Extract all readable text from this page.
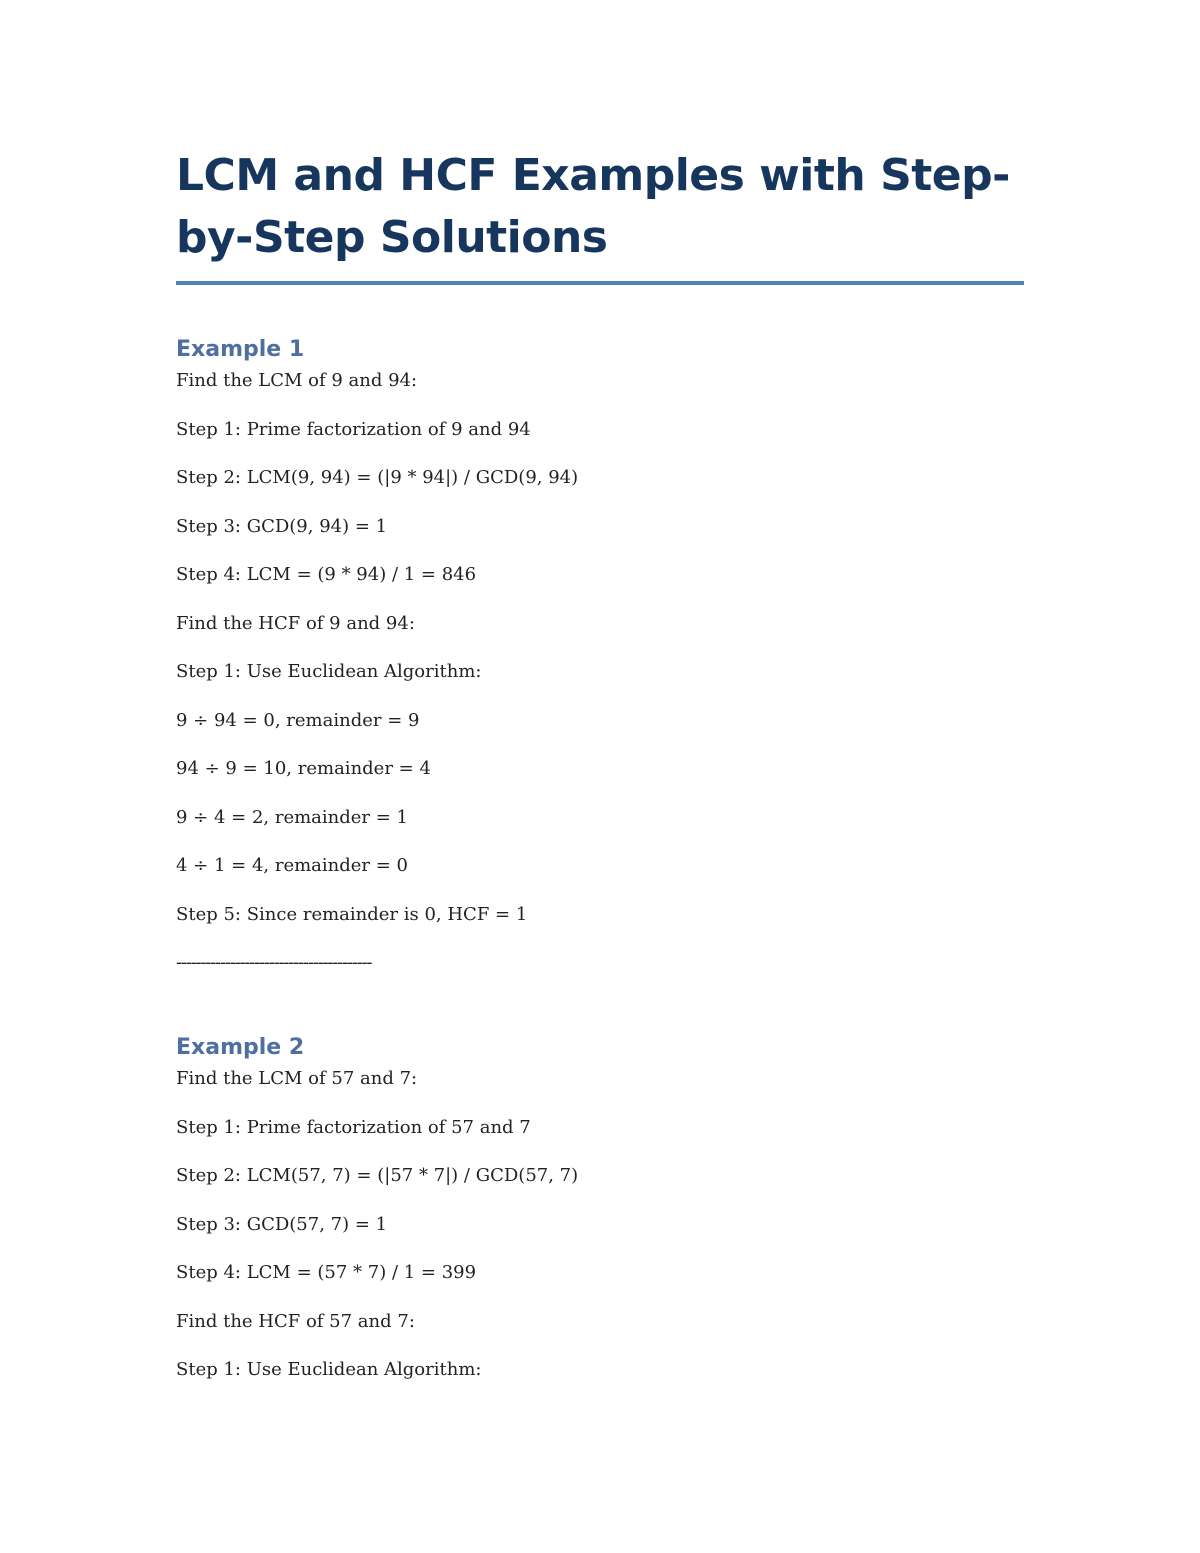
LCM and HCF Examples with Step-by-Step Solutions
Example 1

Find the LCM of 9 and 94:

Step 1: Prime factorization of 9 and 94

Step 2: LCM(9, 94) = (|9 * 94|) / GCD(9, 94)

Step 3: GCD(9, 94) = 1

Step 4: LCM = (9 * 94) / 1 = 846

Find the HCF of 9 and 94:

Step 1: Use Euclidean Algorithm:

9 ÷ 94 = 0, remainder = 9

94 ÷ 9 = 10, remainder = 4

9 ÷ 4 = 2, remainder = 1

4 ÷ 1 = 4, remainder = 0

Step 5: Since remainder is 0, HCF = 1

----------------------------------------

Example 2

Find the LCM of 57 and 7:

Step 1: Prime factorization of 57 and 7

Step 2: LCM(57, 7) = (|57 * 7|) / GCD(57, 7)

Step 3: GCD(57, 7) = 1

Step 4: LCM = (57 * 7) / 1 = 399

Find the HCF of 57 and 7:

Step 1: Use Euclidean Algorithm:
